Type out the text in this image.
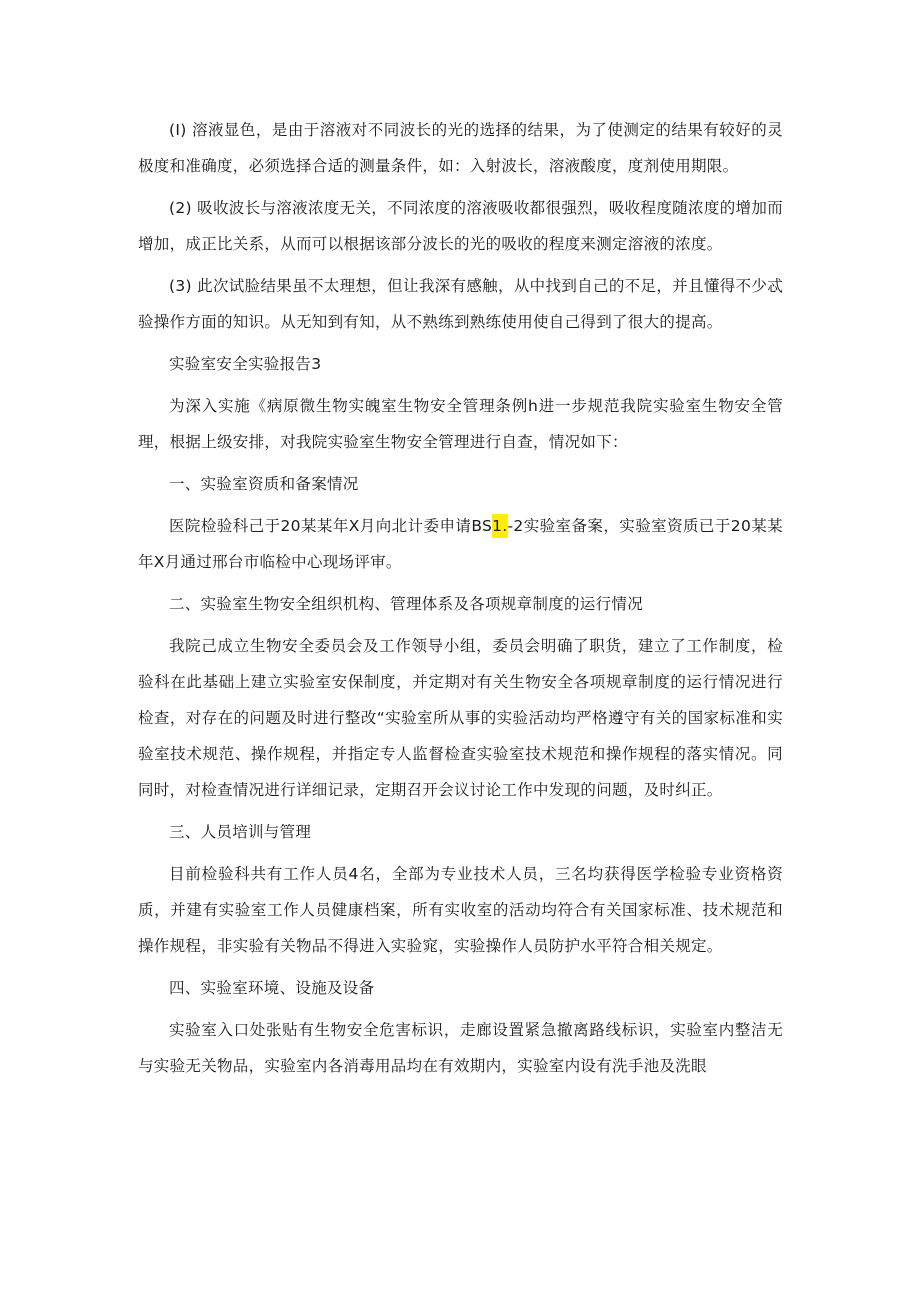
(I) 溶液显色，是由于溶液对不同波长的光的选择的结果，为了使测定的结果有较好的灵极度和准确度，必须选择合适的测量条件，如：入射波长，溶液酸度，度剂使用期限。

(2) 吸收波长与溶液浓度无关，不同浓度的溶液吸收都很强烈，吸收程度随浓度的增加而增加，成正比关系，从而可以根据该部分波长的光的吸收的程度来测定溶液的浓度。

(3) 此次试脸结果虽不太理想，但让我深有感触，从中找到自己的不足，并且懂得不少忒验操作方面的知识。从无知到有知，从不熟练到熟练使用使自己得到了很大的提高。

实验室安全实验报告3

为深入实施《病原微生物实魄室生物安全管理条例h进一步规范我院实验室生物安全管理，根据上级安排，对我院实验室生物安全管理进行自查，情况如下：

一、实验室资质和备案情况

医院检验科己于20某某年X月向北计委申请BS1.-2实验室备案，实验室资质已于20某某年X月通过邢台市临检中心现场评审。

二、实验室生物安全组织机构、管理体系及各项规章制度的运行情况

我院己成立生物安全委员会及工作领导小组，委员会明确了职货，建立了工作制度，检验科在此基础上建立实验室安保制度，并定期对有关生物安全各项规章制度的运行情况进行检查，对存在的问题及时进行整改“实验室所从事的实验活动均严格遵守有关的国家标准和实验室技术规范、操作规程，并指定专人监督检查实验室技术规范和操作规程的落实情况。同同时，对检查情况进行详细记录，定期召开会议讨论工作中发现的问题，及时纠正。

三、人员培训与管理

目前检验科共有工作人员4名，全部为专业技术人员，三名均获得医学检验专业资格资质，并建有实验室工作人员健康档案，所有实收室的活动均符合有关国家标准、技术规范和操作规程，非实验有关物品不得进入实验窕，实验操作人员防护水平符合相关规定。

四、实验室环境、设施及设备

实验室入口处张贴有生物安全危害标识，走廊设置紧急撤离路线标识，实验室内整洁无与实验无关物品，实验室内各消毒用品均在有效期内，实验室内设有洗手池及洗眼
